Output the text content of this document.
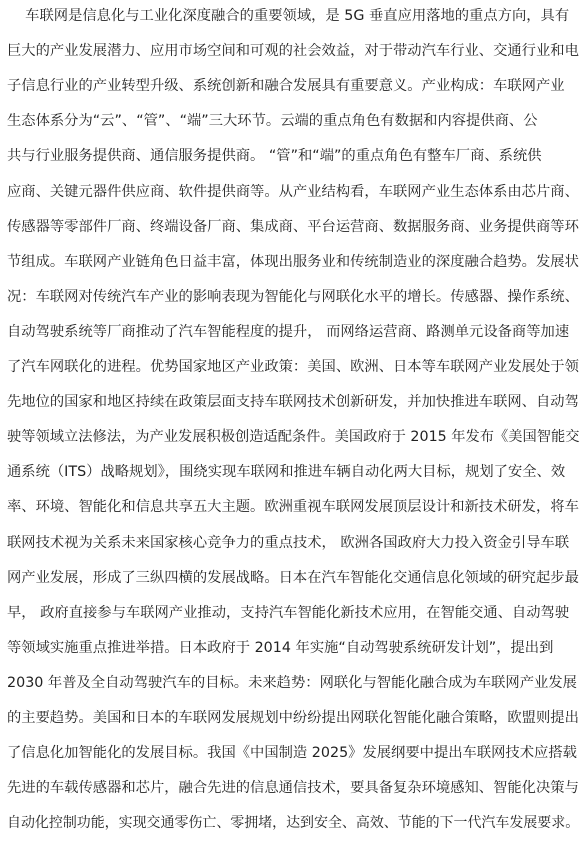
车联网是信息化与工业化深度融合的重要领域，是 5G 垂直应用落地的重点方向，具有
巨大的产业发展潜力、应用市场空间和可观的社会效益，对于带动汽车行业、交通行业和电
子信息行业的产业转型升级、系统创新和融合发展具有重要意义。产业构成：车联网产业
生态体系分为“云”、“管”、“端”三大环节。云端的重点角色有数据和内容提供商、公
共与行业服务提供商、通信服务提供商。 “管”和“端”的重点角色有整车厂商、系统供
应商、关键元器件供应商、软件提供商等。从产业结构看，车联网产业生态体系由芯片商、
传感器等零部件厂商、终端设备厂商、集成商、平台运营商、数据服务商、业务提供商等环
节组成。车联网产业链角色日益丰富，体现出服务业和传统制造业的深度融合趋势。发展状
况：车联网对传统汽车产业的影响表现为智能化与网联化水平的增长。传感器、操作系统、
自动驾驶系统等厂商推动了汽车智能程度的提升， 而网络运营商、路测单元设备商等加速
了汽车网联化的进程。优势国家地区产业政策：美国、欧洲、日本等车联网产业发展处于领
先地位的国家和地区持续在政策层面支持车联网技术创新研发，并加快推进车联网、自动驾
驶等领域立法修法，为产业发展积极创造适配条件。美国政府于 2015 年发布《美国智能交
通系统（ITS）战略规划》，围绕实现车联网和推进车辆自动化两大目标，规划了安全、效
率、环境、智能化和信息共享五大主题。欧洲重视车联网发展顶层设计和新技术研发，将车
联网技术视为关系未来国家核心竞争力的重点技术， 欧洲各国政府大力投入资金引导车联
网产业发展，形成了三纵四横的发展战略。日本在汽车智能化交通信息化领域的研究起步最
早， 政府直接参与车联网产业推动，支持汽车智能化新技术应用，在智能交通、自动驾驶
等领域实施重点推进举措。日本政府于 2014 年实施“自动驾驶系统研发计划”，提出到
2030 年普及全自动驾驶汽车的目标。未来趋势：网联化与智能化融合成为车联网产业发展
的主要趋势。美国和日本的车联网发展规划中纷纷提出网联化智能化融合策略，欧盟则提出
了信息化加智能化的发展目标。我国《中国制造 2025》发展纲要中提出车联网技术应搭载
先进的车载传感器和芯片，融合先进的信息通信技术，要具备复杂环境感知、智能化决策与
自动化控制功能，实现交通零伤亡、零拥堵，达到安全、高效、节能的下一代汽车发展要求。
